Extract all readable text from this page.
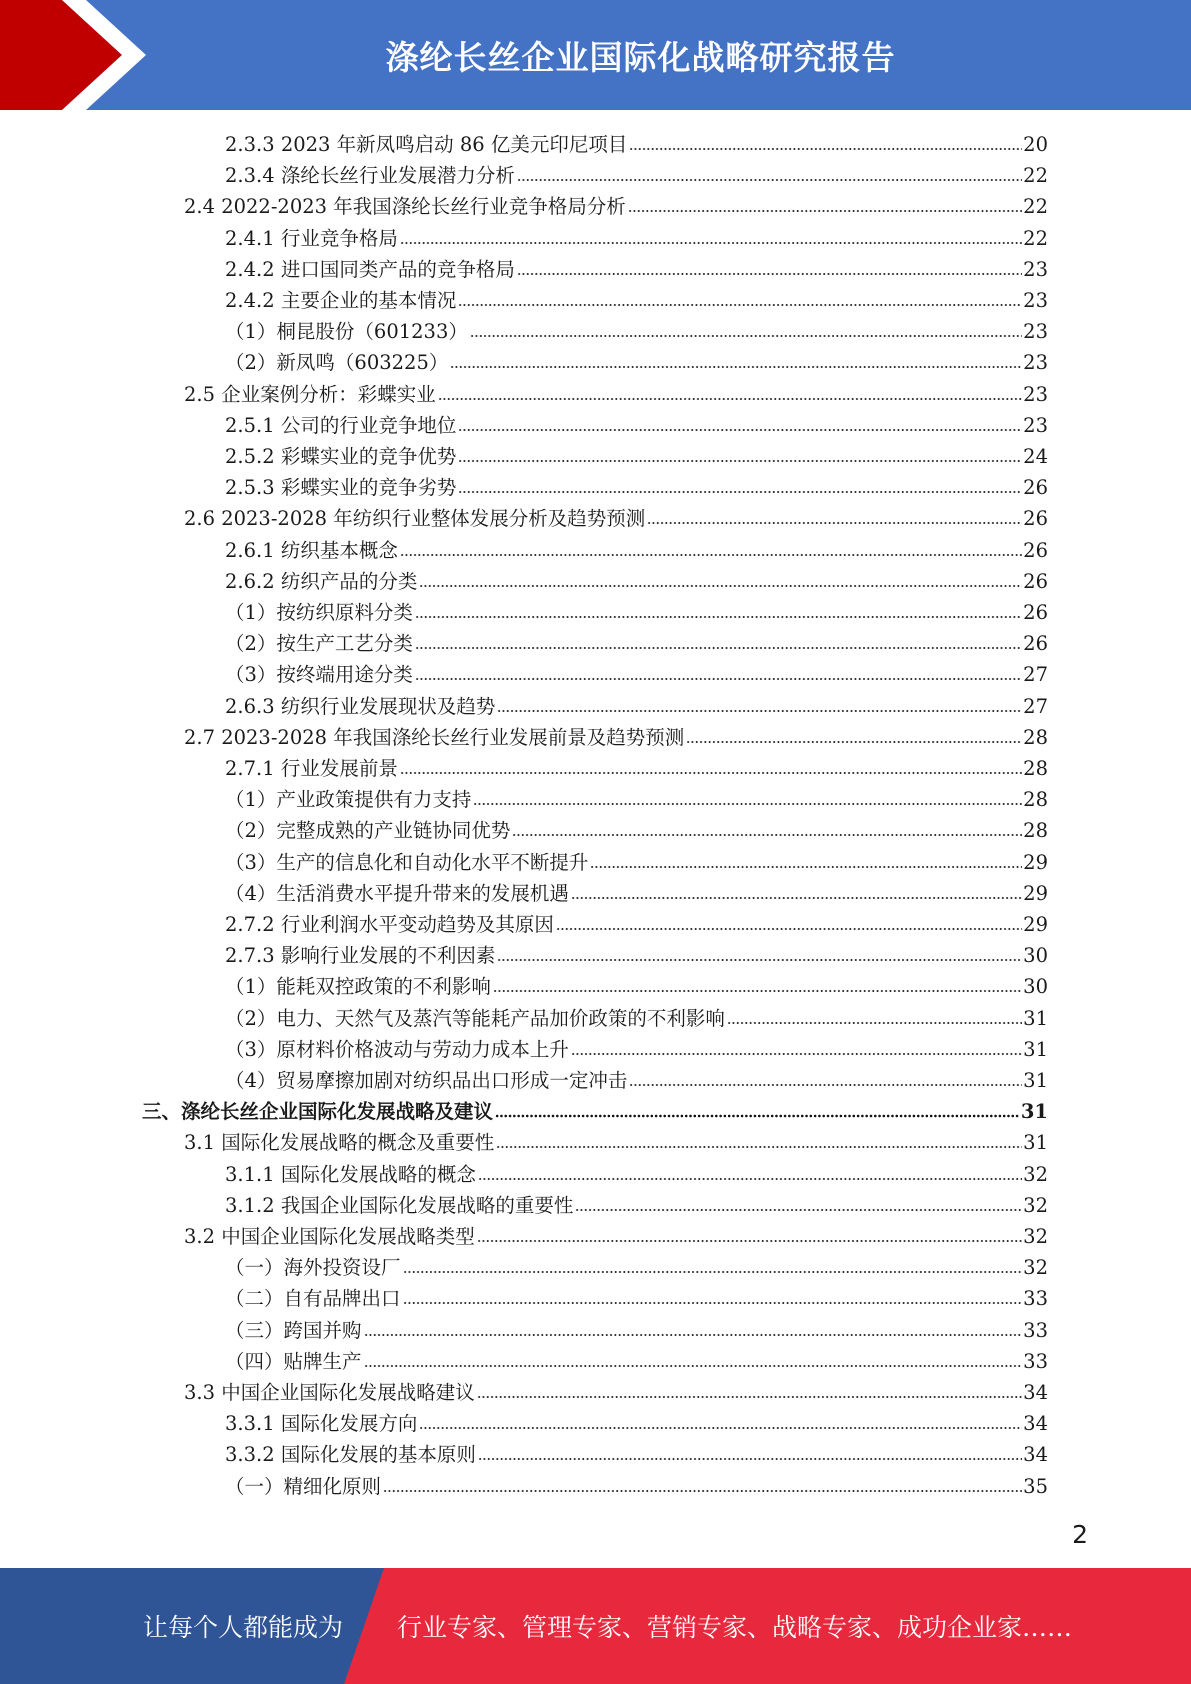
涤纶长丝企业国际化战略研究报告
2.3.3 2023 年新凤鸣启动 86 亿美元印尼项目	20
2.3.4 涤纶长丝行业发展潜力分析	22
2.4 2022-2023 年我国涤纶长丝行业竞争格局分析	22
2.4.1 行业竞争格局	22
2.4.2 进口国同类产品的竞争格局	23
2.4.2 主要企业的基本情况	23
（1）桐昆股份（601233）	23
（2）新凤鸣（603225）	23
2.5 企业案例分析：彩蝶实业	23
2.5.1 公司的行业竞争地位	23
2.5.2 彩蝶实业的竞争优势	24
2.5.3 彩蝶实业的竞争劣势	26
2.6 2023-2028 年纺织行业整体发展分析及趋势预测	26
2.6.1 纺织基本概念	26
2.6.2 纺织产品的分类	26
（1）按纺织原料分类	26
（2）按生产工艺分类	26
（3）按终端用途分类	27
2.6.3 纺织行业发展现状及趋势	27
2.7 2023-2028 年我国涤纶长丝行业发展前景及趋势预测	28
2.7.1 行业发展前景	28
（1）产业政策提供有力支持	28
（2）完整成熟的产业链协同优势	28
（3）生产的信息化和自动化水平不断提升	29
（4）生活消费水平提升带来的发展机遇	29
2.7.2 行业利润水平变动趋势及其原因	29
2.7.3 影响行业发展的不利因素	30
（1）能耗双控政策的不利影响	30
（2）电力、天然气及蒸汽等能耗产品加价政策的不利影响	31
（3）原材料价格波动与劳动力成本上升	31
（4）贸易摩擦加剧对纺织品出口形成一定冲击	31
三、涤纶长丝企业国际化发展战略及建议	31
3.1 国际化发展战略的概念及重要性	31
3.1.1 国际化发展战略的概念	32
3.1.2 我国企业国际化发展战略的重要性	32
3.2 中国企业国际化发展战略类型	32
（一）海外投资设厂	32
（二）自有品牌出口	33
（三）跨国并购	33
（四）贴牌生产	33
3.3 中国企业国际化发展战略建议	34
3.3.1 国际化发展方向	34
3.3.2 国际化发展的基本原则	34
（一）精细化原则	35
2
让每个人都能成为 行业专家、管理专家、营销专家、战略专家、成功企业家……
